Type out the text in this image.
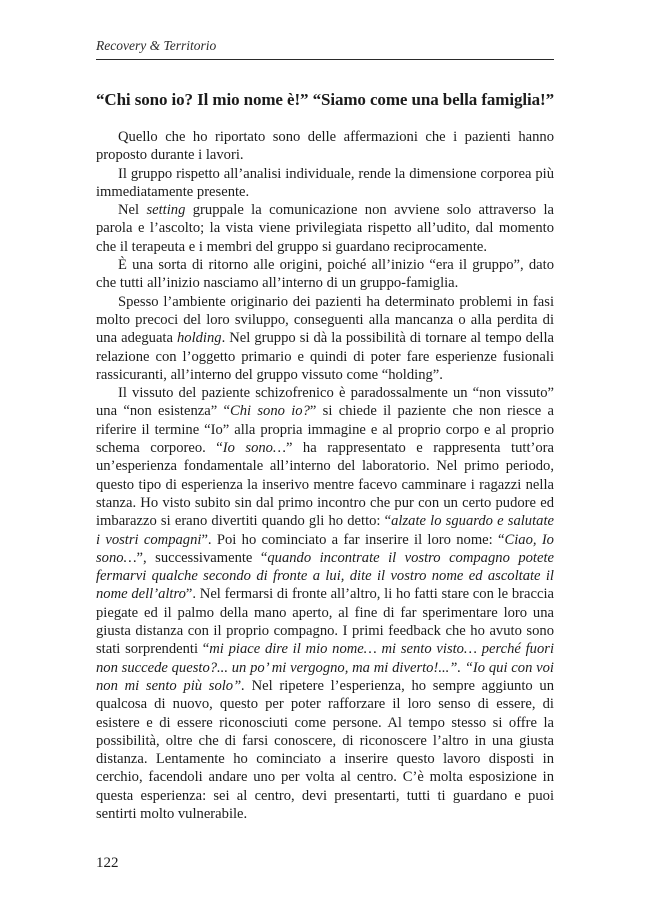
Recovery & Territorio
“Chi sono io? Il mio nome è!” “Siamo come una bella famiglia!”

Quello che ho riportato sono delle affermazioni che i pazienti hanno proposto durante i lavori.

Il gruppo rispetto all’analisi individuale, rende la dimensione corporea più immediatamente presente.

Nel setting gruppale la comunicazione non avviene solo attraverso la parola e l’ascolto; la vista viene privilegiata rispetto all’udito, dal momento che il terapeuta e i membri del gruppo si guardano reciprocamente.

È una sorta di ritorno alle origini, poiché all’inizio “era il gruppo”, dato che tutti all’inizio nasciamo all’interno di un gruppo-famiglia.

Spesso l’ambiente originario dei pazienti ha determinato problemi in fasi molto precoci del loro sviluppo, conseguenti alla mancanza o alla perdita di una adeguata holding. Nel gruppo si dà la possibilità di tornare al tempo della relazione con l’oggetto primario e quindi di poter fare esperienze fusionali rassicuranti, all’interno del gruppo vissuto come “holding”.

Il vissuto del paziente schizofrenico è paradossalmente un “non vissuto” una “non esistenza” “Chi sono io?” si chiede il paziente che non riesce a riferire il termine “Io” alla propria immagine e al proprio corpo e al proprio schema corporeo. “Io sono…” ha rappresentato e rappresenta tutt’ora un’esperienza fondamentale all’interno del laboratorio. Nel primo periodo, questo tipo di esperienza la inserivo mentre facevo camminare i ragazzi nella stanza. Ho visto subito sin dal primo incontro che pur con un certo pudore ed imbarazzo si erano divertiti quando gli ho detto: “alzate lo sguardo e salutate i vostri compagni”. Poi ho cominciato a far inserire il loro nome: “Ciao, Io sono…”, successivamente “quando incontrate il vostro compagno potete fermarvi qualche secondo di fronte a lui, dite il vostro nome ed ascoltate il nome dell’altro”. Nel fermarsi di fronte all’altro, li ho fatti stare con le braccia piegate ed il palmo della mano aperto, al fine di far sperimentare loro una giusta distanza con il proprio compagno. I primi feedback che ho avuto sono stati sorprendenti “mi piace dire il mio nome… mi sento visto… perché fuori non succede questo?... un po’ mi vergogno, ma mi diverto!...”. “Io qui con voi non mi sento più solo”. Nel ripetere l’esperienza, ho sempre aggiunto un qualcosa di nuovo, questo per poter rafforzare il loro senso di essere, di esistere e di essere riconosciuti come persone. Al tempo stesso si offre la possibilità, oltre che di farsi conoscere, di riconoscere l’altro in una giusta distanza. Lentamente ho cominciato a inserire questo lavoro disposti in cerchio, facendoli andare uno per volta al centro. C’è molta esposizione in questa esperienza: sei al centro, devi presentarti, tutti ti guardano e puoi sentirti molto vulnerabile.

122
